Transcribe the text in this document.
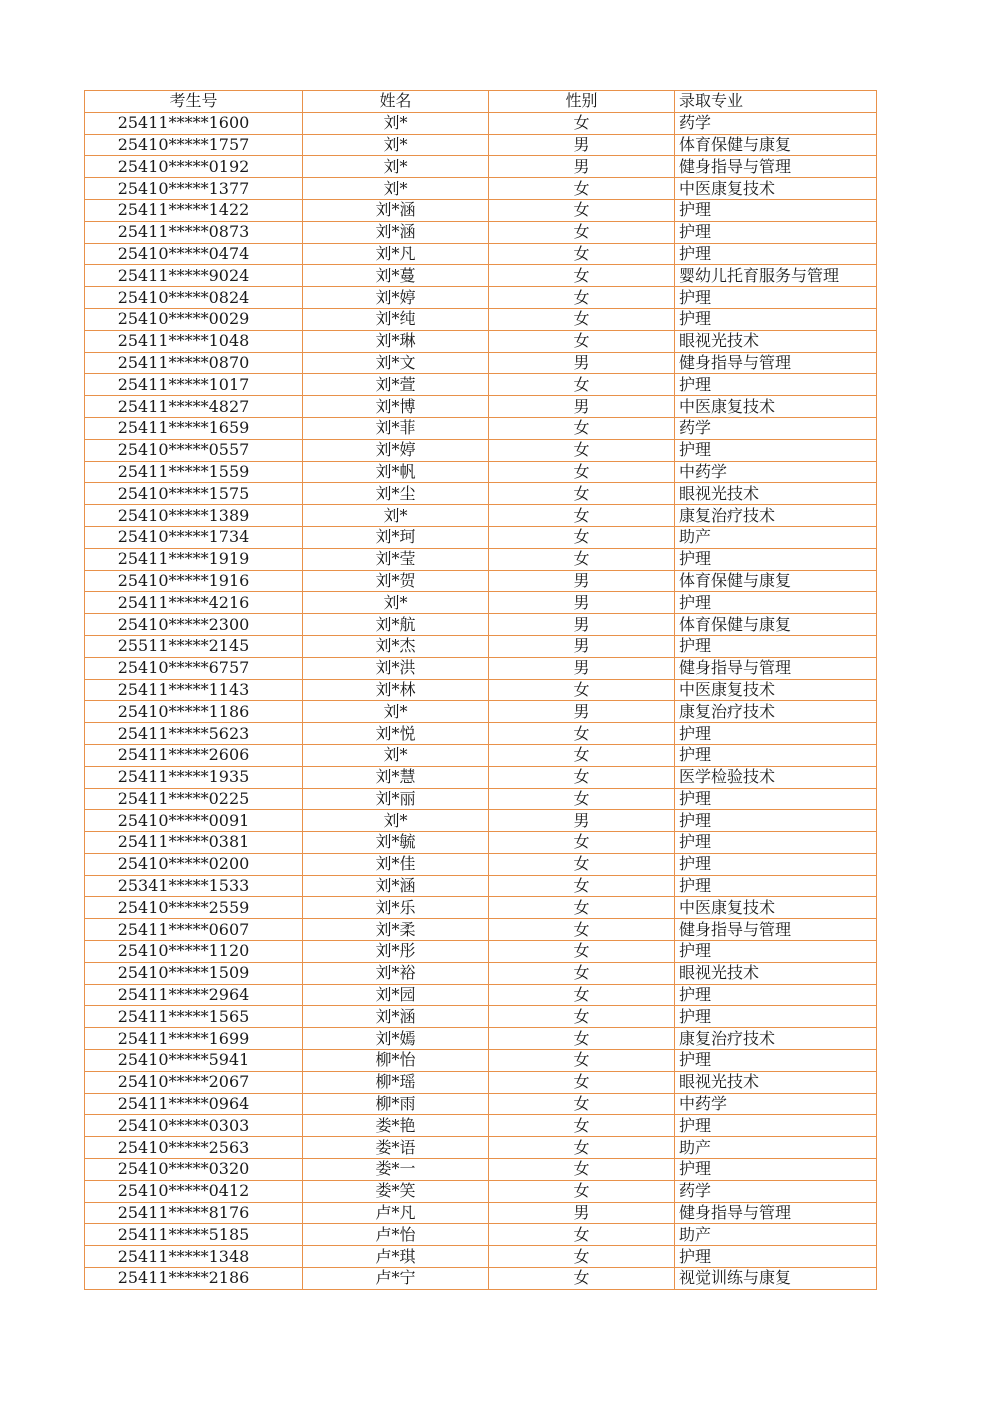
考生号	姓名	性别	录取专业
25411*****1600	刘*	女	药学
25410*****1757	刘*	男	体育保健与康复
25410*****0192	刘*	男	健身指导与管理
25410*****1377	刘*	女	中医康复技术
25411*****1422	刘*涵	女	护理
25411*****0873	刘*涵	女	护理
25410*****0474	刘*凡	女	护理
25411*****9024	刘*蔓	女	婴幼儿托育服务与管理
25410*****0824	刘*婷	女	护理
25410*****0029	刘*纯	女	护理
25411*****1048	刘*琳	女	眼视光技术
25411*****0870	刘*文	男	健身指导与管理
25411*****1017	刘*萱	女	护理
25411*****4827	刘*博	男	中医康复技术
25411*****1659	刘*菲	女	药学
25410*****0557	刘*婷	女	护理
25411*****1559	刘*帆	女	中药学
25410*****1575	刘*尘	女	眼视光技术
25410*****1389	刘*	女	康复治疗技术
25410*****1734	刘*珂	女	助产
25411*****1919	刘*莹	女	护理
25410*****1916	刘*贺	男	体育保健与康复
25411*****4216	刘*	男	护理
25410*****2300	刘*航	男	体育保健与康复
25511*****2145	刘*杰	男	护理
25410*****6757	刘*洪	男	健身指导与管理
25411*****1143	刘*林	女	中医康复技术
25410*****1186	刘*	男	康复治疗技术
25411*****5623	刘*悦	女	护理
25411*****2606	刘*	女	护理
25411*****1935	刘*慧	女	医学检验技术
25411*****0225	刘*丽	女	护理
25410*****0091	刘*	男	护理
25411*****0381	刘*毓	女	护理
25410*****0200	刘*佳	女	护理
25341*****1533	刘*涵	女	护理
25410*****2559	刘*乐	女	中医康复技术
25411*****0607	刘*柔	女	健身指导与管理
25410*****1120	刘*彤	女	护理
25410*****1509	刘*裕	女	眼视光技术
25411*****2964	刘*园	女	护理
25411*****1565	刘*涵	女	护理
25411*****1699	刘*嫣	女	康复治疗技术
25410*****5941	柳*怡	女	护理
25410*****2067	柳*瑶	女	眼视光技术
25411*****0964	柳*雨	女	中药学
25410*****0303	娄*艳	女	护理
25410*****2563	娄*语	女	助产
25410*****0320	娄*一	女	护理
25410*****0412	娄*笑	女	药学
25411*****8176	卢*凡	男	健身指导与管理
25411*****5185	卢*怡	女	助产
25411*****1348	卢*琪	女	护理
25411*****2186	卢*宁	女	视觉训练与康复
